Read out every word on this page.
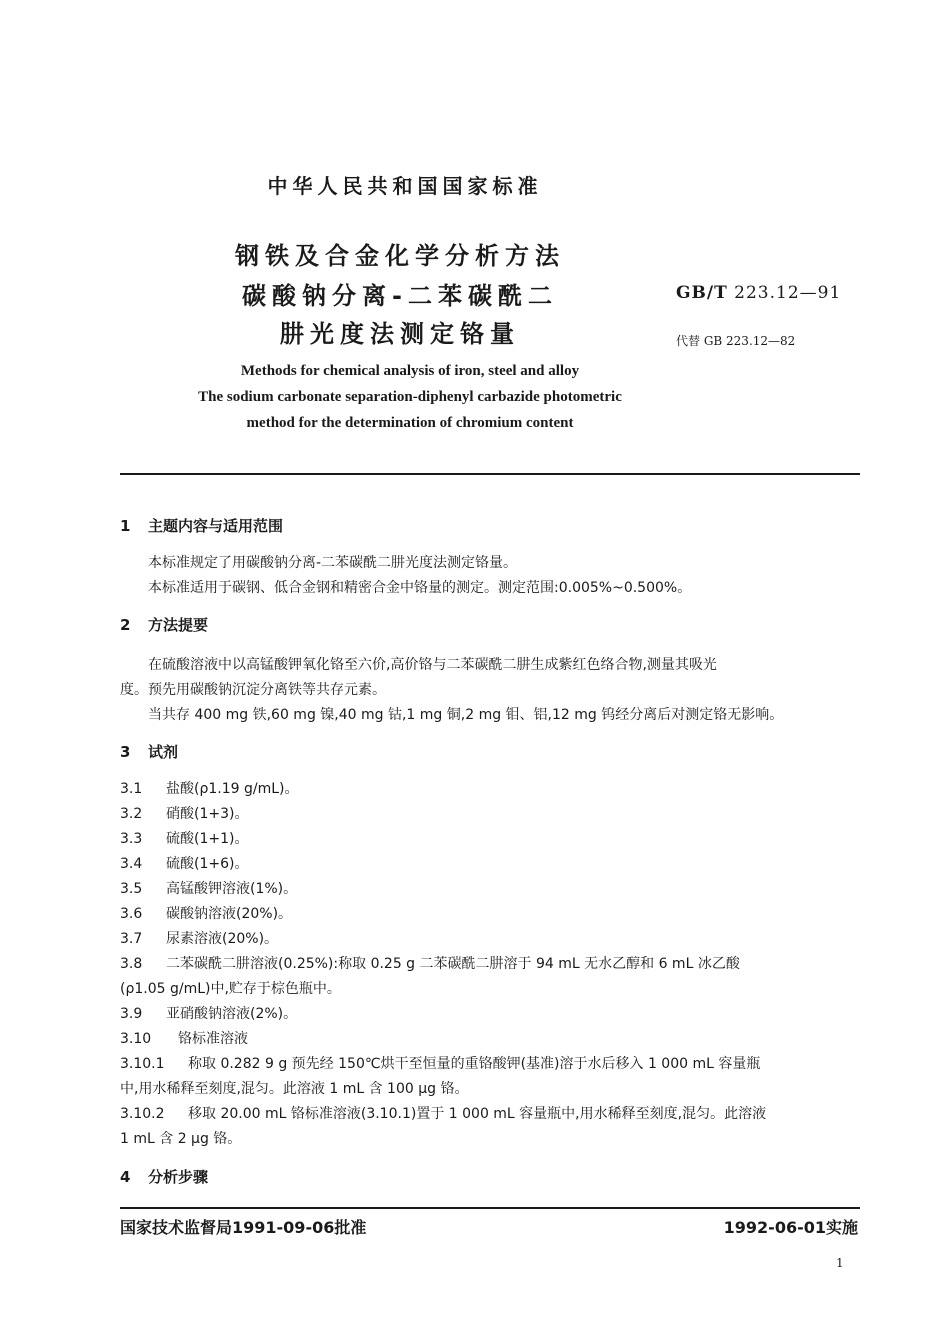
中华人民共和国国家标准
钢铁及合金化学分析方法
碳酸钠分离-二苯碳酰二
肼光度法测定铬量
GB/T 223.12—91
代替 GB 223.12—82
Methods for chemical analysis of iron, steel and alloy
The sodium carbonate separation-diphenyl carbazide photometric
method for the determination of chromium content
1 主题内容与适用范围
本标准规定了用碳酸钠分离-二苯碳酰二肼光度法测定铬量。
本标准适用于碳钢、低合金钢和精密合金中铬量的测定。测定范围:0.005%~0.500%。
2 方法提要
在硫酸溶液中以高锰酸钾氧化铬至六价,高价铬与二苯碳酰二肼生成紫红色络合物,测量其吸光
度。预先用碳酸钠沉淀分离铁等共存元素。
当共存 400 mg 铁,60 mg 镍,40 mg 钴,1 mg 铜,2 mg 钼、铝,12 mg 钨经分离后对测定铬无影响。
3 试剂
3.1 盐酸(ρ1.19 g/mL)。
3.2 硝酸(1+3)。
3.3 硫酸(1+1)。
3.4 硫酸(1+6)。
3.5 高锰酸钾溶液(1%)。
3.6 碳酸钠溶液(20%)。
3.7 尿素溶液(20%)。
3.8 二苯碳酰二肼溶液(0.25%):称取 0.25 g 二苯碳酰二肼溶于 94 mL 无水乙醇和 6 mL 冰乙酸
(ρ1.05 g/mL)中,贮存于棕色瓶中。
3.9 亚硝酸钠溶液(2%)。
3.10 铬标准溶液
3.10.1 称取 0.282 9 g 预先经 150℃烘干至恒量的重铬酸钾(基准)溶于水后移入 1 000 mL 容量瓶
中,用水稀释至刻度,混匀。此溶液 1 mL 含 100 μg 铬。
3.10.2 移取 20.00 mL 铬标准溶液(3.10.1)置于 1 000 mL 容量瓶中,用水稀释至刻度,混匀。此溶液
1 mL 含 2 μg 铬。
4 分析步骤
国家技术监督局1991-09-06批准	1992-06-01实施
1
